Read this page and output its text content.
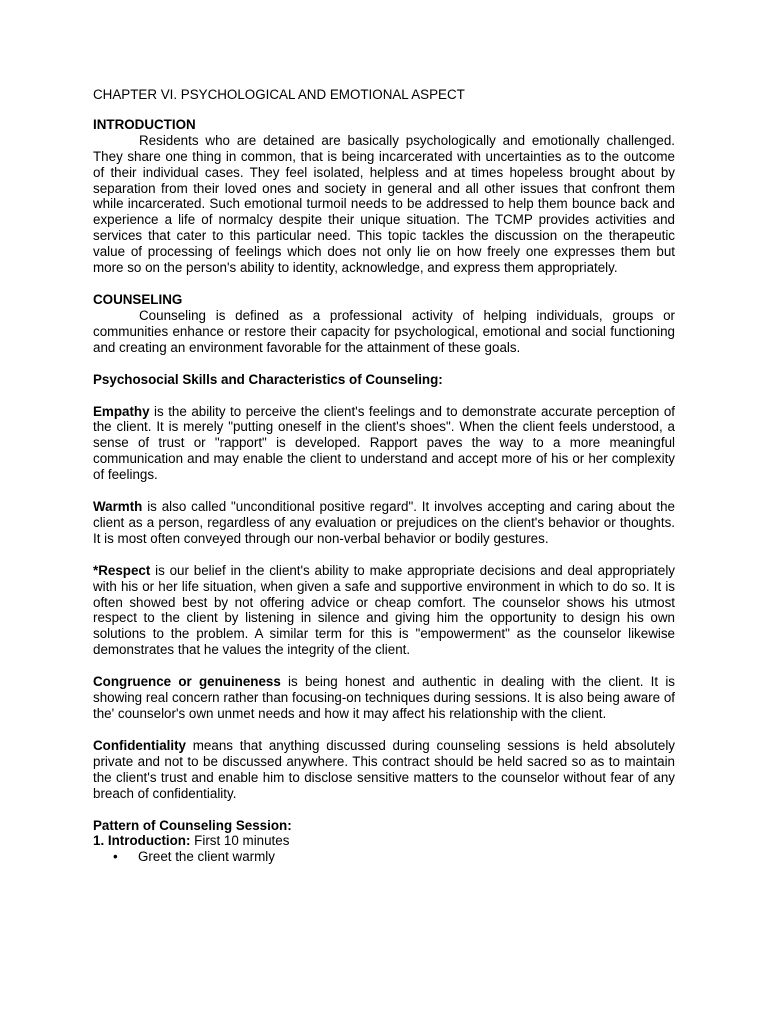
CHAPTER VI. PSYCHOLOGICAL AND EMOTIONAL ASPECT
INTRODUCTION

Residents who are detained are basically psychologically and emotionally challenged. They share one thing in common, that is being incarcerated with uncertainties as to the outcome of their individual cases. They feel isolated, helpless and at times hopeless brought about by separation from their loved ones and society in general and all other issues that confront them while incarcerated. Such emotional turmoil needs to be addressed to help them bounce back and experience a life of normalcy despite their unique situation. The TCMP provides activities and services that cater to this particular need. This topic tackles the discussion on the therapeutic value of processing of feelings which does not only lie on how freely one expresses them but more so on the person's ability to identity, acknowledge, and express them appropriately.

COUNSELING

Counseling is defined as a professional activity of helping individuals, groups or communities enhance or restore their capacity for psychological, emotional and social functioning and creating an environment favorable for the attainment of these goals.

Psychosocial Skills and Characteristics of Counseling:

Empathy is the ability to perceive the client's feelings and to demonstrate accurate perception of the client. It is merely "putting oneself in the client's shoes". When the client feels understood, a sense of trust or "rapport" is developed. Rapport paves the way to a more meaningful communication and may enable the client to understand and accept more of his or her complexity of feelings.

Warmth is also called "unconditional positive regard". It involves accepting and caring about the client as a person, regardless of any evaluation or prejudices on the client's behavior or thoughts. It is most often conveyed through our non-verbal behavior or bodily gestures.

*Respect is our belief in the client's ability to make appropriate decisions and deal appropriately with his or her life situation, when given a safe and supportive environment in which to do so. It is often showed best by not offering advice or cheap comfort. The counselor shows his utmost respect to the client by listening in silence and giving him the opportunity to design his own solutions to the problem. A similar term for this is "empowerment" as the counselor likewise demonstrates that he values the integrity of the client.

Congruence or genuineness is being honest and authentic in dealing with the client. It is showing real concern rather than focusing-on techniques during sessions. It is also being aware of the' counselor's own unmet needs and how it may affect his relationship with the client.

Confidentiality means that anything discussed during counseling sessions is held absolutely private and not to be discussed anywhere. This contract should be held sacred so as to maintain the client's trust and enable him to disclose sensitive matters to the counselor without fear of any breach of confidentiality.

Pattern of Counseling Session:
1. Introduction: First 10 minutes
• Greet the client warmly
